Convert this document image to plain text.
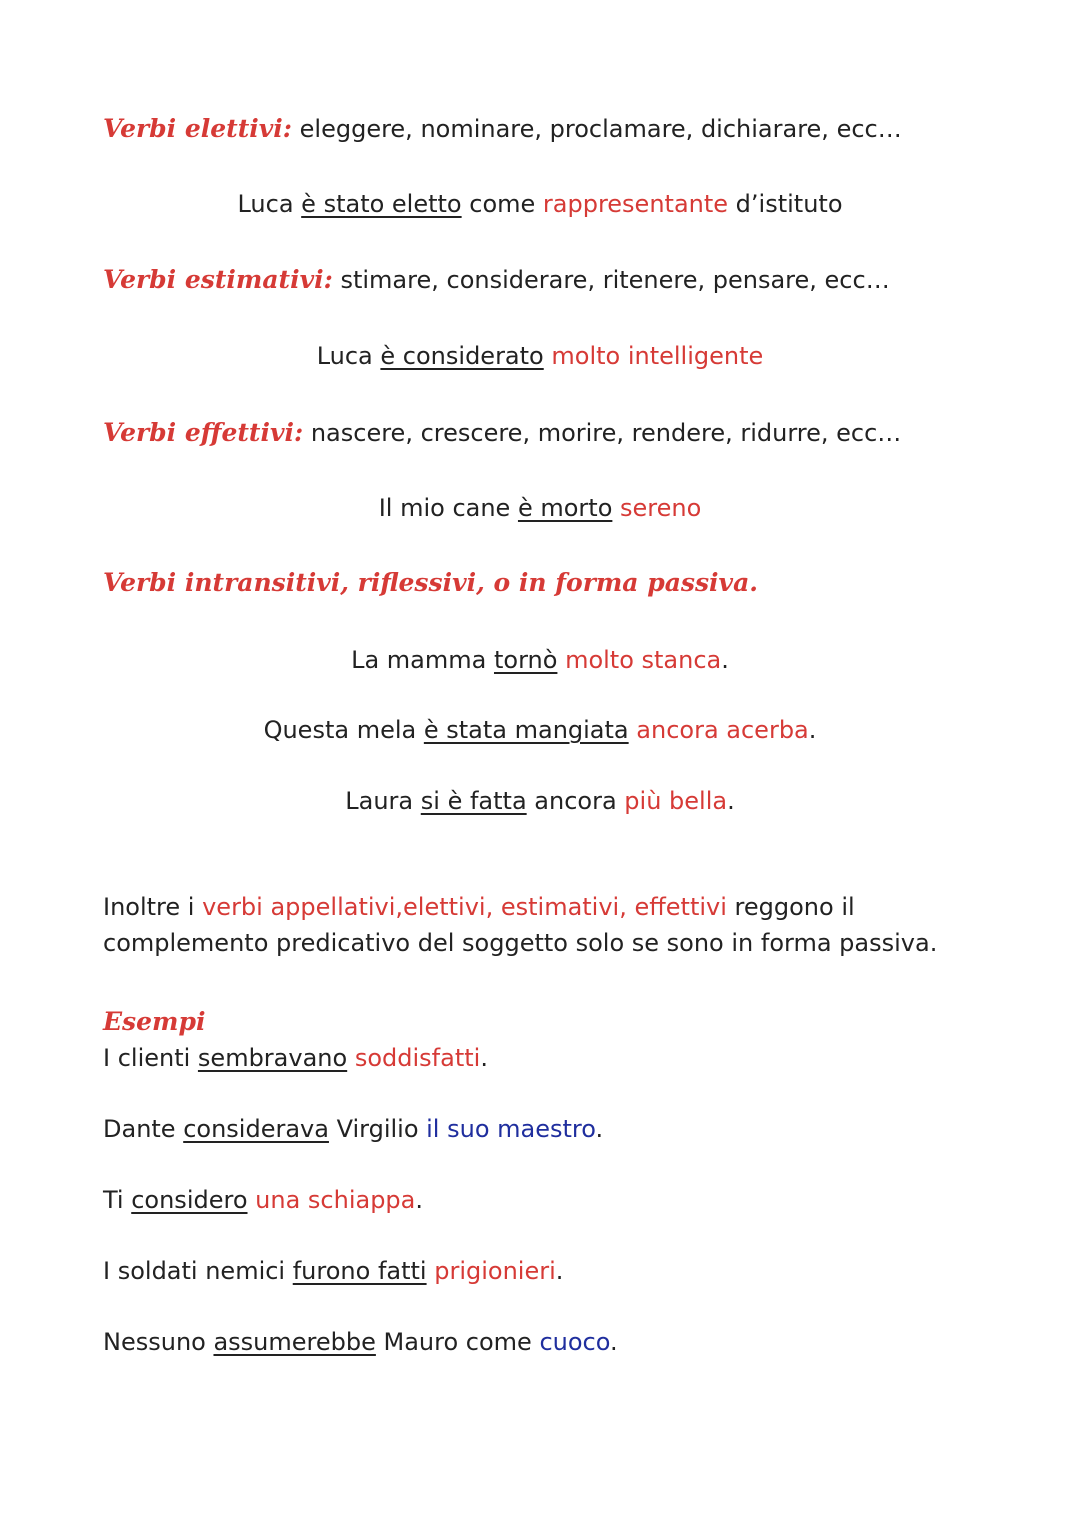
Verbi elettivi: eleggere, nominare, proclamare, dichiarare, ecc…
Luca è stato eletto come rappresentante d’istituto
Verbi estimativi: stimare, considerare, ritenere, pensare, ecc…
Luca è considerato molto intelligente
Verbi effettivi: nascere, crescere, morire, rendere, ridurre, ecc…
Il mio cane è morto sereno
Verbi intransitivi, riflessivi, o in forma passiva.
La mamma tornò molto stanca.
Questa mela è stata mangiata ancora acerba.
Laura si è fatta ancora più bella.
Inoltre i verbi appellativi,elettivi, estimativi, effettivi reggono il complemento predicativo del soggetto solo se sono in forma passiva.
Esempi
I clienti sembravano soddisfatti.
Dante considerava Virgilio il suo maestro.
Ti considero una schiappa.
I soldati nemici furono fatti prigionieri.
Nessuno assumerebbe Mauro come cuoco.
